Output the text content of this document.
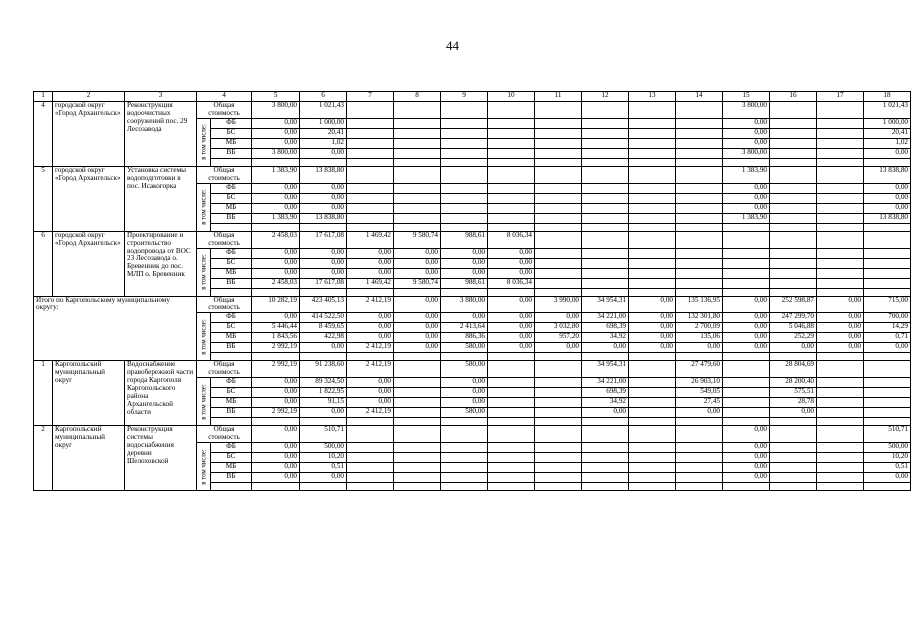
44
1	2	3	4		5	6	7	8	9	10	11	12	13	14	15	16	17	18
4	городской округ «Город Архангельск»	Реконструкция водоочистных сооружений пос. 29 Лесозавода	Общая стоимость		3 800,00	1 021,43									3 800,00			1 021,43

			в том числе:	ФБ	0,00	1 000,00									0,00			1 000,00
				БС	0,00	20,41									0,00			20,41
				МБ	0,00	1,02									0,00			1,02
				ВБ	3 800,00	0,00									3 800,00			0,00

5	городской округ «Город Архангельск»	Установка системы водоподготовки в пос. Исакогорка	Общая стоимость		1 383,90	13 838,80									1 383,90			13 838,80

			в том числе:	ФБ	0,00	0,00									0,00			0,00
				БС	0,00	0,00									0,00			0,00
				МБ	0,00	0,00									0,00			0,00
				ВБ	1 383,90	13 838,80									1 383,90			13 838,80

6	городской округ «Город Архангельск»	Проектирование и строительство водопровода от ВОС 23 Лесозавода о. Бревенник до пос. МЛП о. Бревенник	Общая стоимость		2 458,03	17 617,08	1 469,42	9 580,74	988,61	8 036,34								

			в том числе:	ФБ	0,00	0,00	0,00	0,00	0,00	0,00								
				БС	0,00	0,00	0,00	0,00	0,00	0,00								
				МБ	0,00	0,00	0,00	0,00	0,00	0,00								
				ВБ	2 458,03	17 617,08	1 469,42	9 580,74	988,61	8 036,34								

Итого по Каргопольскому муниципальному округу:			Общая стоимость		10 282,19	423 405,13	2 412,19	0,00	3 880,00	0,00	3 990,00	34 954,31	0,00	135 136,95	0,00	252 598,87	0,00	715,00

			в том числе:	ФБ	0,00	414 522,50	0,00	0,00	0,00	0,00	0,00	34 221,00	0,00	132 301,80	0,00	247 299,70	0,00	700,00
				БС	5 446,44	8 459,65	0,00	0,00	2 413,64	0,00	3 032,80	698,39	0,00	2 700,09	0,00	5 046,88	0,00	14,29
				МБ	1 843,56	422,98	0,00	0,00	886,36	0,00	957,20	34,92	0,00	135,06	0,00	252,29	0,00	0,71
				ВБ	2 992,19	0,00	2 412,19	0,00	580,00	0,00	0,00	0,00	0,00	0,00	0,00	0,00	0,00	0,00

1	Каргопольский муниципальный округ	Водоснабжение правобережной части города Каргополя Каргопольского района Архангельской области	Общая стоимость		2 992,19	91 238,60	2 412,19		580,00			34 954,31		27 479,60		28 804,69		

			в том числе:	ФБ	0,00	89 324,50	0,00		0,00			34 221,00		26 903,10		28 200,40		
				БС	0,00	1 822,95	0,00		0,00			698,39		549,05		575,51		
				МБ	0,00	91,15	0,00		0,00			34,92		27,45		28,78		
				ВБ	2 992,19	0,00	2 412,19		580,00			0,00		0,00		0,00		

2	Каргопольский муниципальный округ	Реконструкция системы водоснабжения деревни Шелоховской	Общая стоимость		0,00	510,71									0,00			510,71

			в том числе:	ФБ	0,00	500,00									0,00			500,00
				БС	0,00	10,20									0,00			10,20
				МБ	0,00	0,51									0,00			0,51
				ВБ	0,00	0,00									0,00			0,00
